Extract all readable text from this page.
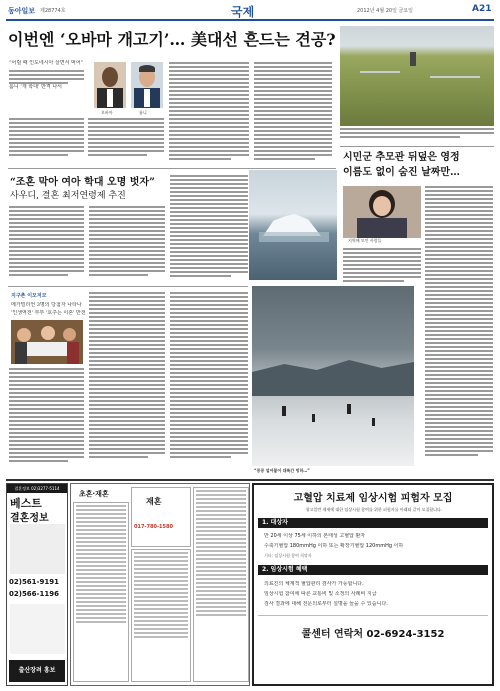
동아일보 제28774호	국제	2012년 4월 20일 금요일	A21
이번엔 ‘오바마 개고기’… 美대선 흔드는 견공?
“어릴 때 인도네시아 살면서 먹어”
롬니 ‘개 학대’ 반격 나서
오바마	롬니
“조혼 막아 여아 학대 오명 벗자”
사우디, 결혼 최저연령제 추진
지구촌 이모저모
메가밀리언 3명의 당첨자 나타나
'인생역전' 부부 '호주는 이혼' 반전
“꽁꽁 얼어붙어 대륙간 빙하…”
시민군 추모관 뒤덮은 영정
이름도 없이 숨진 날짜만…
지역에 모인 사람들
결혼정보 02)3277-5114
베스트
결혼정보
02)561-9191
02)566-1196
출산장려 홍보
초혼·재혼
재혼
017-780-1580
고혈압 치료제 임상시험 피험자 모집
광고일반 제제에 대한 임상시험 참여를 위한 피험자를 아래와 같이 모집합니다.
1. 대상자
만 20세 이상 75세 이하의 본태성 고혈압 환자
수축기혈압 180mmHg 이하 또는 확장기혈압 120mmHg 이하
기타: 임상시험 참여 희망자
2. 임상시험 혜택
의료진의 체계적 혈압관리 검사가 가능합니다.
임상시험 참여에 따른 교통비 및 소정의 사례비 지급
검사 결과에 대해 전문의로부터 설명을 들을 수 있습니다.
콜센터 연락처 02-6924-3152
